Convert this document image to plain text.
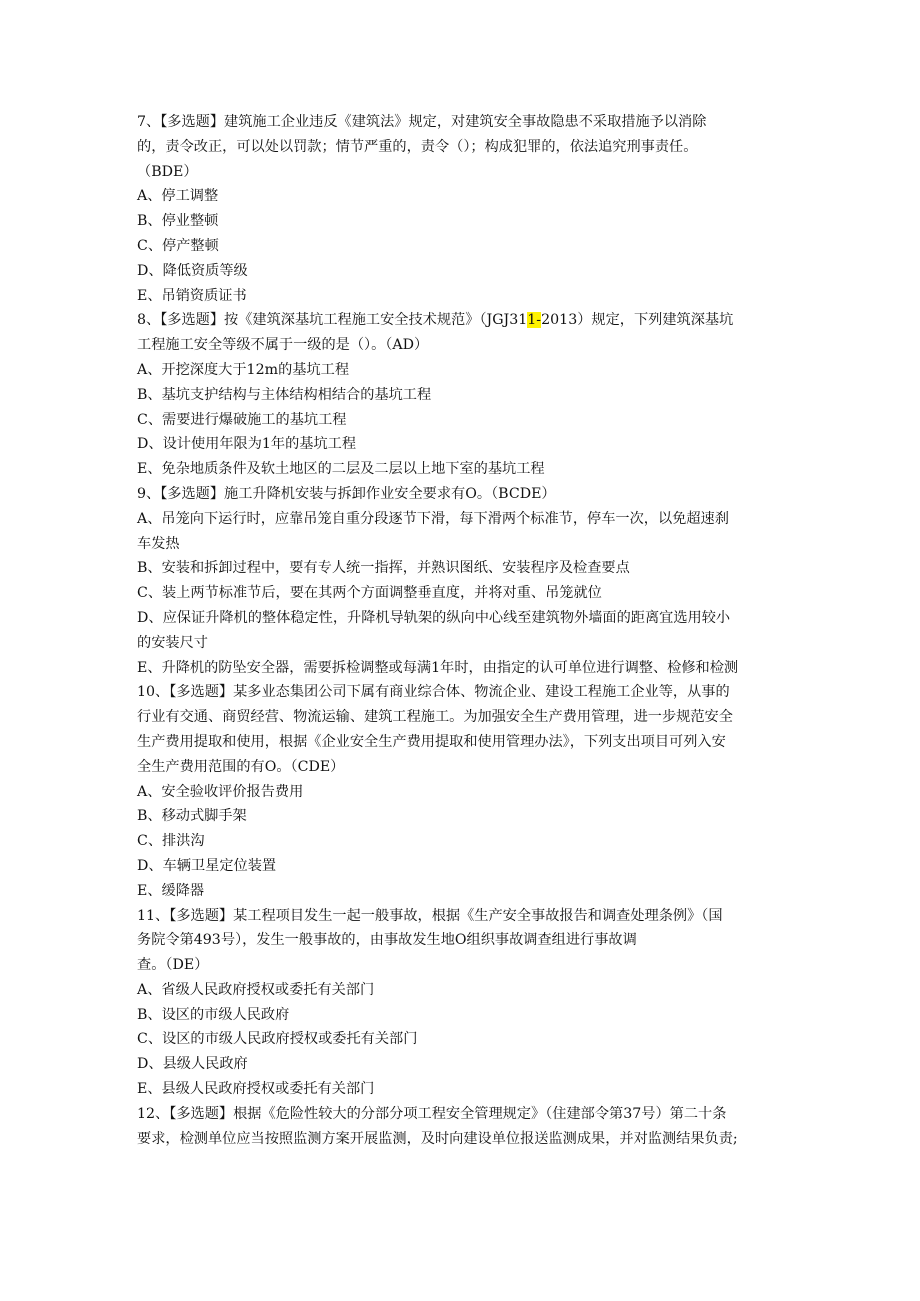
7、【多选题】建筑施工企业违反《建筑法》规定，对建筑安全事故隐患不采取措施予以消除
的，责令改正，可以处以罚款；情节严重的，责令（）；构成犯罪的，依法追究刑事责任。
（BDE）
A、停工调整
B、停业整顿
C、停产整顿
D、降低资质等级
E、吊销资质证书
8、【多选题】按《建筑深基坑工程施工安全技术规范》（JGJ311-2013）规定，下列建筑深基坑
工程施工安全等级不属于一级的是（）。（AD）
A、开挖深度大于12m的基坑工程
B、基坑支护结构与主体结构相结合的基坑工程
C、需要进行爆破施工的基坑工程
D、设计使用年限为1年的基坑工程
E、免杂地质条件及软土地区的二层及二层以上地下室的基坑工程
9、【多选题】施工升降机安装与拆卸作业安全要求有O。（BCDE）
A、吊笼向下运行时，应靠吊笼自重分段逐节下滑，每下滑两个标准节，停车一次，以免超速刹
车发热
B、安装和拆卸过程中，要有专人统一指挥，并熟识图纸、安装程序及检查要点
C、装上两节标准节后，要在其两个方面调整垂直度，并将对重、吊笼就位
D、应保证升降机的整体稳定性，升降机导轨架的纵向中心线至建筑物外墙面的距离宜选用较小
的安装尺寸
E、升降机的防坠安全器，需要拆检调整或每满1年时，由指定的认可单位进行调整、检修和检测
10、【多选题】某多业态集团公司下属有商业综合体、物流企业、建设工程施工企业等，从事的
行业有交通、商贸经营、物流运输、建筑工程施工。为加强安全生产费用管理，进一步规范安全
生产费用提取和使用，根据《企业安全生产费用提取和使用管理办法》，下列支出项目可列入安
全生产费用范围的有O。（CDE）
A、安全验收评价报告费用
B、移动式脚手架
C、排洪沟
D、车辆卫星定位装置
E、缓降器
11、【多选题】某工程项目发生一起一般事故，根据《生产安全事故报告和调查处理条例》（国
务院令第493号），发生一般事故的，由事故发生地O组织事故调查组进行事故调
查。（DE）
A、省级人民政府授权或委托有关部门
B、设区的市级人民政府
C、设区的市级人民政府授权或委托有关部门
D、县级人民政府
E、县级人民政府授权或委托有关部门
12、【多选题】根据《危险性较大的分部分项工程安全管理规定》（住建部令第37号）第二十条
要求，检测单位应当按照监测方案开展监测，及时向建设单位报送监测成果，并对监测结果负责;
